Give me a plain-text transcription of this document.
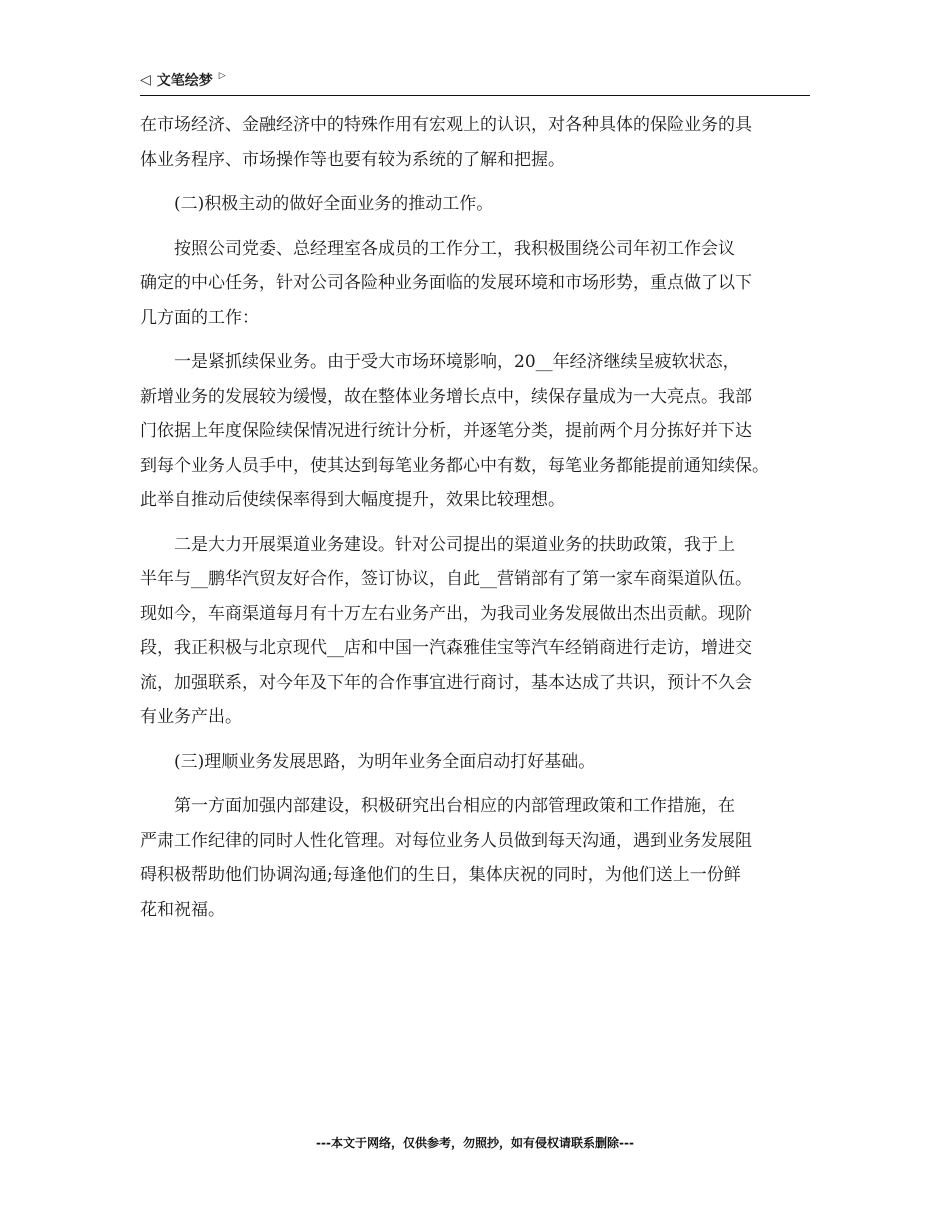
◁ 文笔绘梦 ▷
在市场经济、金融经济中的特殊作用有宏观上的认识，对各种具体的保险业务的具
体业务程序、市场操作等也要有较为系统的了解和把握。
(二)积极主动的做好全面业务的推动工作。
按照公司党委、总经理室各成员的工作分工，我积极围绕公司年初工作会议
确定的中心任务，针对公司各险种业务面临的发展环境和市场形势，重点做了以下
几方面的工作：
一是紧抓续保业务。由于受大市场环境影响，20__年经济继续呈疲软状态，
新增业务的发展较为缓慢，故在整体业务增长点中，续保存量成为一大亮点。我部
门依据上年度保险续保情况进行统计分析，并逐笔分类，提前两个月分拣好并下达
到每个业务人员手中，使其达到每笔业务都心中有数，每笔业务都能提前通知续保。
此举自推动后使续保率得到大幅度提升，效果比较理想。
二是大力开展渠道业务建设。针对公司提出的渠道业务的扶助政策，我于上
半年与__鹏华汽贸友好合作，签订协议，自此__营销部有了第一家车商渠道队伍。
现如今，车商渠道每月有十万左右业务产出，为我司业务发展做出杰出贡献。现阶
段，我正积极与北京现代__店和中国一汽森雅佳宝等汽车经销商进行走访，增进交
流，加强联系，对今年及下年的合作事宜进行商讨，基本达成了共识，预计不久会
有业务产出。
(三)理顺业务发展思路，为明年业务全面启动打好基础。
第一方面加强内部建设，积极研究出台相应的内部管理政策和工作措施，在
严肃工作纪律的同时人性化管理。对每位业务人员做到每天沟通，遇到业务发展阻
碍积极帮助他们协调沟通;每逢他们的生日，集体庆祝的同时，为他们送上一份鲜
花和祝福。
---本文于网络，仅供参考，勿照抄，如有侵权请联系删除---
